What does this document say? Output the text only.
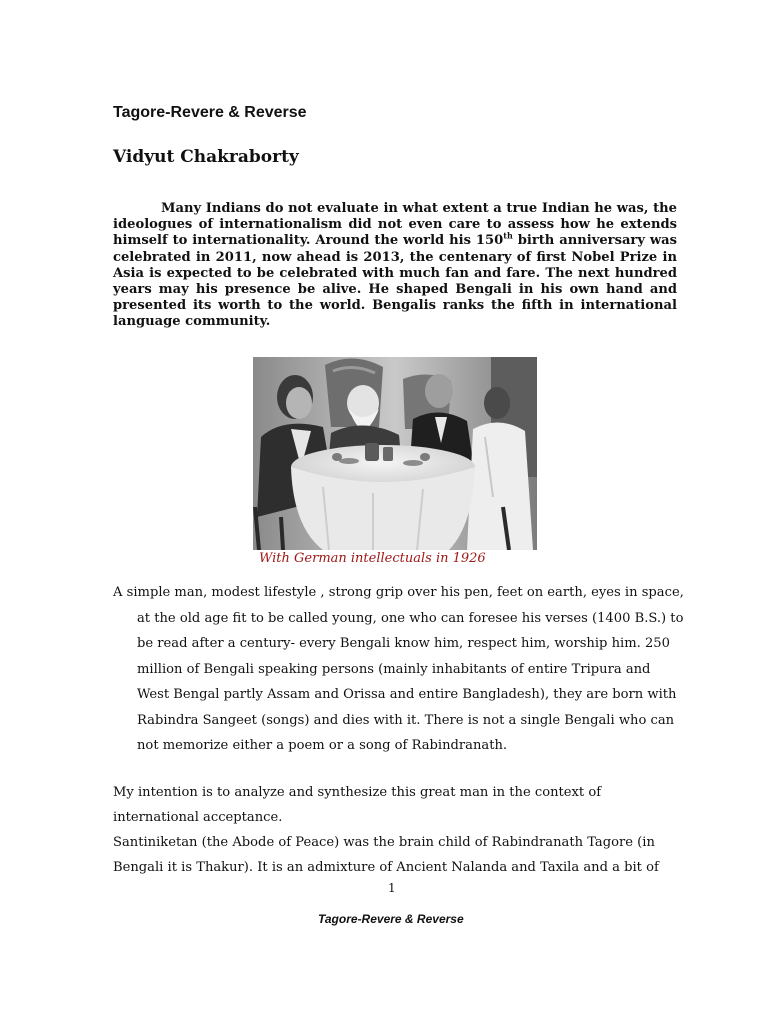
Tagore-Revere & Reverse
Vidyut Chakraborty

Many Indians do not evaluate in what extent a true Indian he was, the ideologues of internationalism did not even care to assess how he extends himself to internationality. Around the world his 150th birth anniversary was celebrated in 2011, now ahead is 2013, the centenary of first Nobel Prize in Asia is expected to be celebrated with much fan and fare. The next hundred years may his presence be alive. He shaped Bengali in his own hand and presented its worth to the world. Bengalis ranks the fifth in international language community.

With German intellectuals in 1926
A simple man, modest lifestyle , strong grip over his pen, feet on earth, eyes in space,
at the old age fit to be called young, one who can foresee his verses (1400 B.S.) to
be read after a century- every Bengali know him, respect him, worship him. 250
million of Bengali speaking persons (mainly inhabitants of entire Tripura and
West Bengal partly Assam and Orissa and entire Bangladesh), they are born with
Rabindra Sangeet (songs) and dies with it. There is not a single Bengali who can
not memorize either a poem or a song of Rabindranath.
My intention is to analyze and synthesize this great man in the context of
international acceptance.
Santiniketan (the Abode of Peace) was the brain child of Rabindranath Tagore (in
Bengali it is Thakur). It is an admixture of Ancient Nalanda and Taxila and a bit of
1
Tagore-Revere & Reverse
